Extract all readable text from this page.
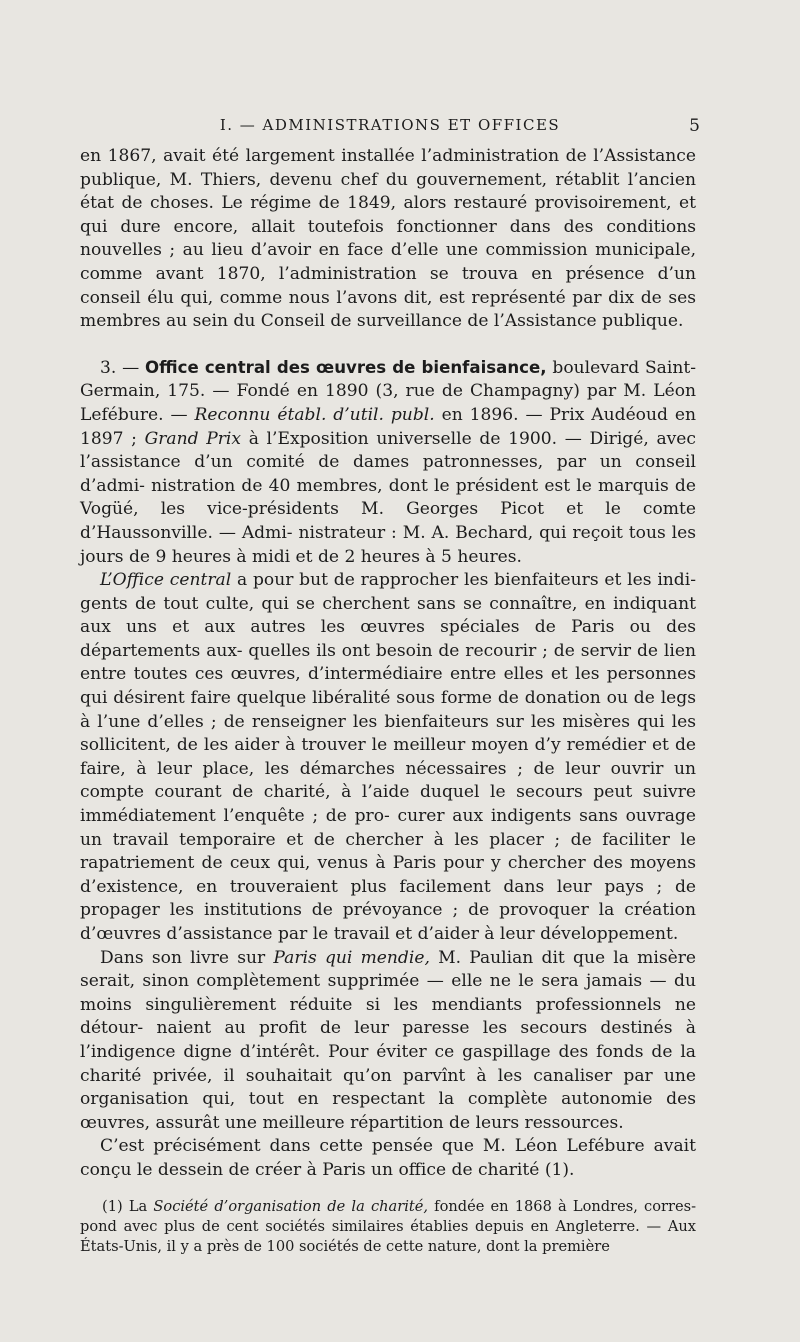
I. — ADMINISTRATIONS ET OFFICES	5

en 1867, avait été largement installée l’administration de l’Assistance publique, M. Thiers, devenu chef du gouvernement, rétablit l’ancien état de choses. Le régime de 1849, alors restauré provisoirement, et qui dure encore, allait toutefois fonctionner dans des conditions nouvelles ; au lieu d’avoir en face d’elle une commission municipale, comme avant 1870, l’administration se trouva en présence d’un conseil élu qui, comme nous l’avons dit, est représenté par dix de ses membres au sein du Conseil de surveillance de l’Assistance publique.

3. — Office central des œuvres de bienfaisance, boulevard Saint-Germain, 175. — Fondé en 1890 (3, rue de Champagny) par M. Léon Lefébure. — Reconnu établ. d’util. publ. en 1896. — Prix Audéoud en 1897 ; Grand Prix à l’Exposition universelle de 1900. — Dirigé, avec l’assistance d’un comité de dames patronnesses, par un conseil d’admi- nistration de 40 membres, dont le président est le marquis de Vogüé, les vice-présidents M. Georges Picot et le comte d’Haussonville. — Admi- nistrateur : M. A. Bechard, qui reçoit tous les jours de 9 heures à midi et de 2 heures à 5 heures.

L’Office central a pour but de rapprocher les bienfaiteurs et les indi- gents de tout culte, qui se cherchent sans se connaître, en indiquant aux uns et aux autres les œuvres spéciales de Paris ou des départements aux- quelles ils ont besoin de recourir ; de servir de lien entre toutes ces œuvres, d’intermédiaire entre elles et les personnes qui désirent faire quelque libéralité sous forme de donation ou de legs à l’une d’elles ; de renseigner les bienfaiteurs sur les misères qui les sollicitent, de les aider à trouver le meilleur moyen d’y remédier et de faire, à leur place, les démarches nécessaires ; de leur ouvrir un compte courant de charité, à l’aide duquel le secours peut suivre immédiatement l’enquête ; de pro- curer aux indigents sans ouvrage un travail temporaire et de chercher à les placer ; de faciliter le rapatriement de ceux qui, venus à Paris pour y chercher des moyens d’existence, en trouveraient plus facilement dans leur pays ; de propager les institutions de prévoyance ; de provoquer la création d’œuvres d’assistance par le travail et d’aider à leur développement.

Dans son livre sur Paris qui mendie, M. Paulian dit que la misère serait, sinon complètement supprimée — elle ne le sera jamais — du moins singulièrement réduite si les mendiants professionnels ne détour- naient au profit de leur paresse les secours destinés à l’indigence digne d’intérêt. Pour éviter ce gaspillage des fonds de la charité privée, il souhaitait qu’on parvînt à les canaliser par une organisation qui, tout en respectant la complète autonomie des œuvres, assurât une meilleure répartition de leurs ressources.

C’est précisément dans cette pensée que M. Léon Lefébure avait conçu le dessein de créer à Paris un office de charité (1).

(1) La Société d’organisation de la charité, fondée en 1868 à Londres, corres- pond avec plus de cent sociétés similaires établies depuis en Angleterre. — Aux États-Unis, il y a près de 100 sociétés de cette nature, dont la première
